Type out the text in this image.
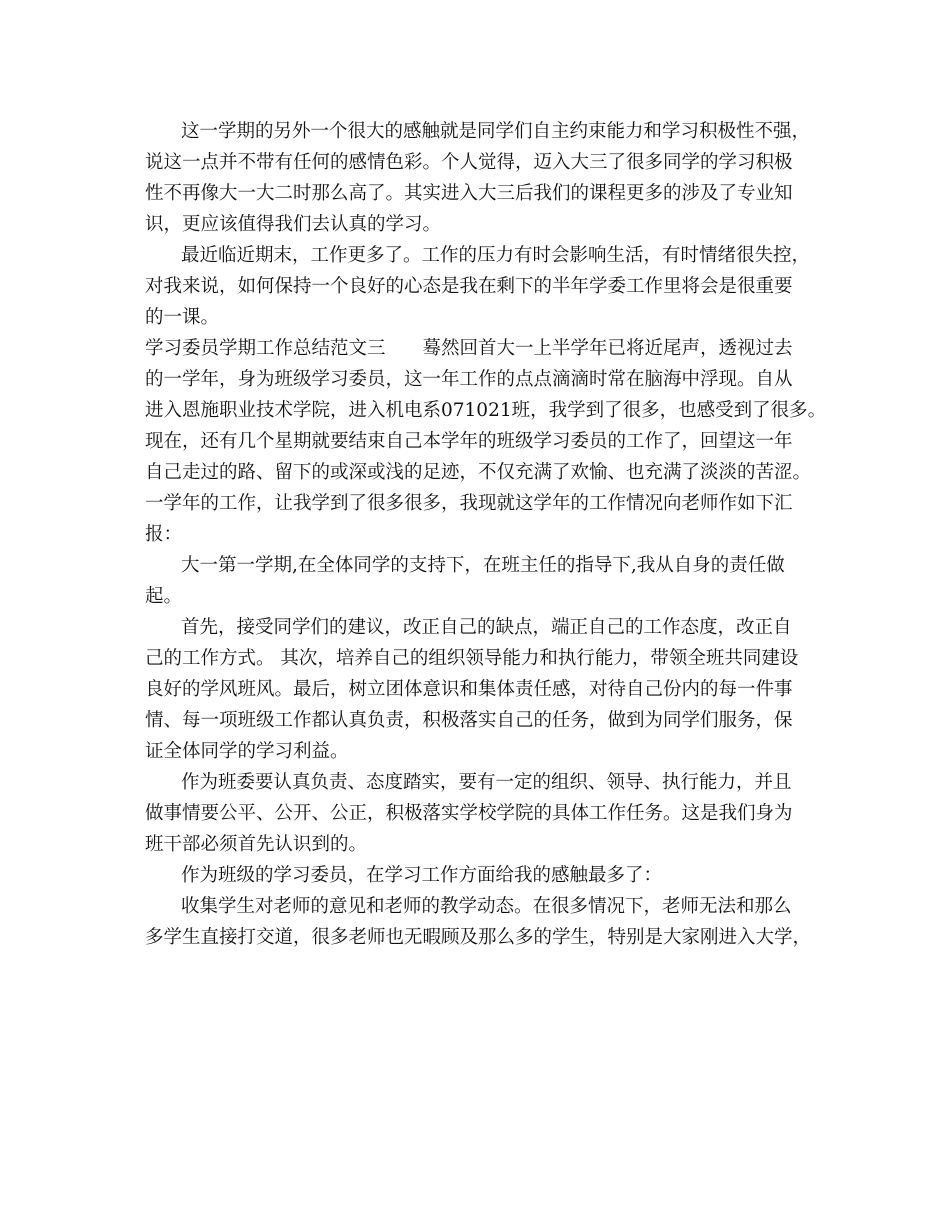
这一学期的另外一个很大的感触就是同学们自主约束能力和学习积极性不强，
说这一点并不带有任何的感情色彩。个人觉得，迈入大三了很多同学的学习积极
性不再像大一大二时那么高了。其实进入大三后我们的课程更多的涉及了专业知
识，更应该值得我们去认真的学习。
最近临近期末，工作更多了。工作的压力有时会影响生活，有时情绪很失控，
对我来说，如何保持一个良好的心态是我在剩下的半年学委工作里将会是很重要
的一课。
学习委员学期工作总结范文三　　蓦然回首大一上半学年已将近尾声，透视过去
的一学年，身为班级学习委员，这一年工作的点点滴滴时常在脑海中浮现。自从
进入恩施职业技术学院，进入机电系071021班，我学到了很多，也感受到了很多。
现在，还有几个星期就要结束自己本学年的班级学习委员的工作了，回望这一年
自己走过的路、留下的或深或浅的足迹，不仅充满了欢愉、也充满了淡淡的苦涩。
一学年的工作，让我学到了很多很多，我现就这学年的工作情况向老师作如下汇
报：
大一第一学期,在全体同学的支持下，在班主任的指导下,我从自身的责任做
起。
首先，接受同学们的建议，改正自己的缺点，端正自己的工作态度，改正自
己的工作方式。 其次，培养自己的组织领导能力和执行能力，带领全班共同建设
良好的学风班风。最后，树立团体意识和集体责任感，对待自己份内的每一件事
情、每一项班级工作都认真负责，积极落实自己的任务，做到为同学们服务，保
证全体同学的学习利益。
作为班委要认真负责、态度踏实，要有一定的组织、领导、执行能力，并且
做事情要公平、公开、公正，积极落实学校学院的具体工作任务。这是我们身为
班干部必须首先认识到的。
作为班级的学习委员，在学习工作方面给我的感触最多了：
收集学生对老师的意见和老师的教学动态。在很多情况下，老师无法和那么
多学生直接打交道，很多老师也无暇顾及那么多的学生，特别是大家刚进入大学，
